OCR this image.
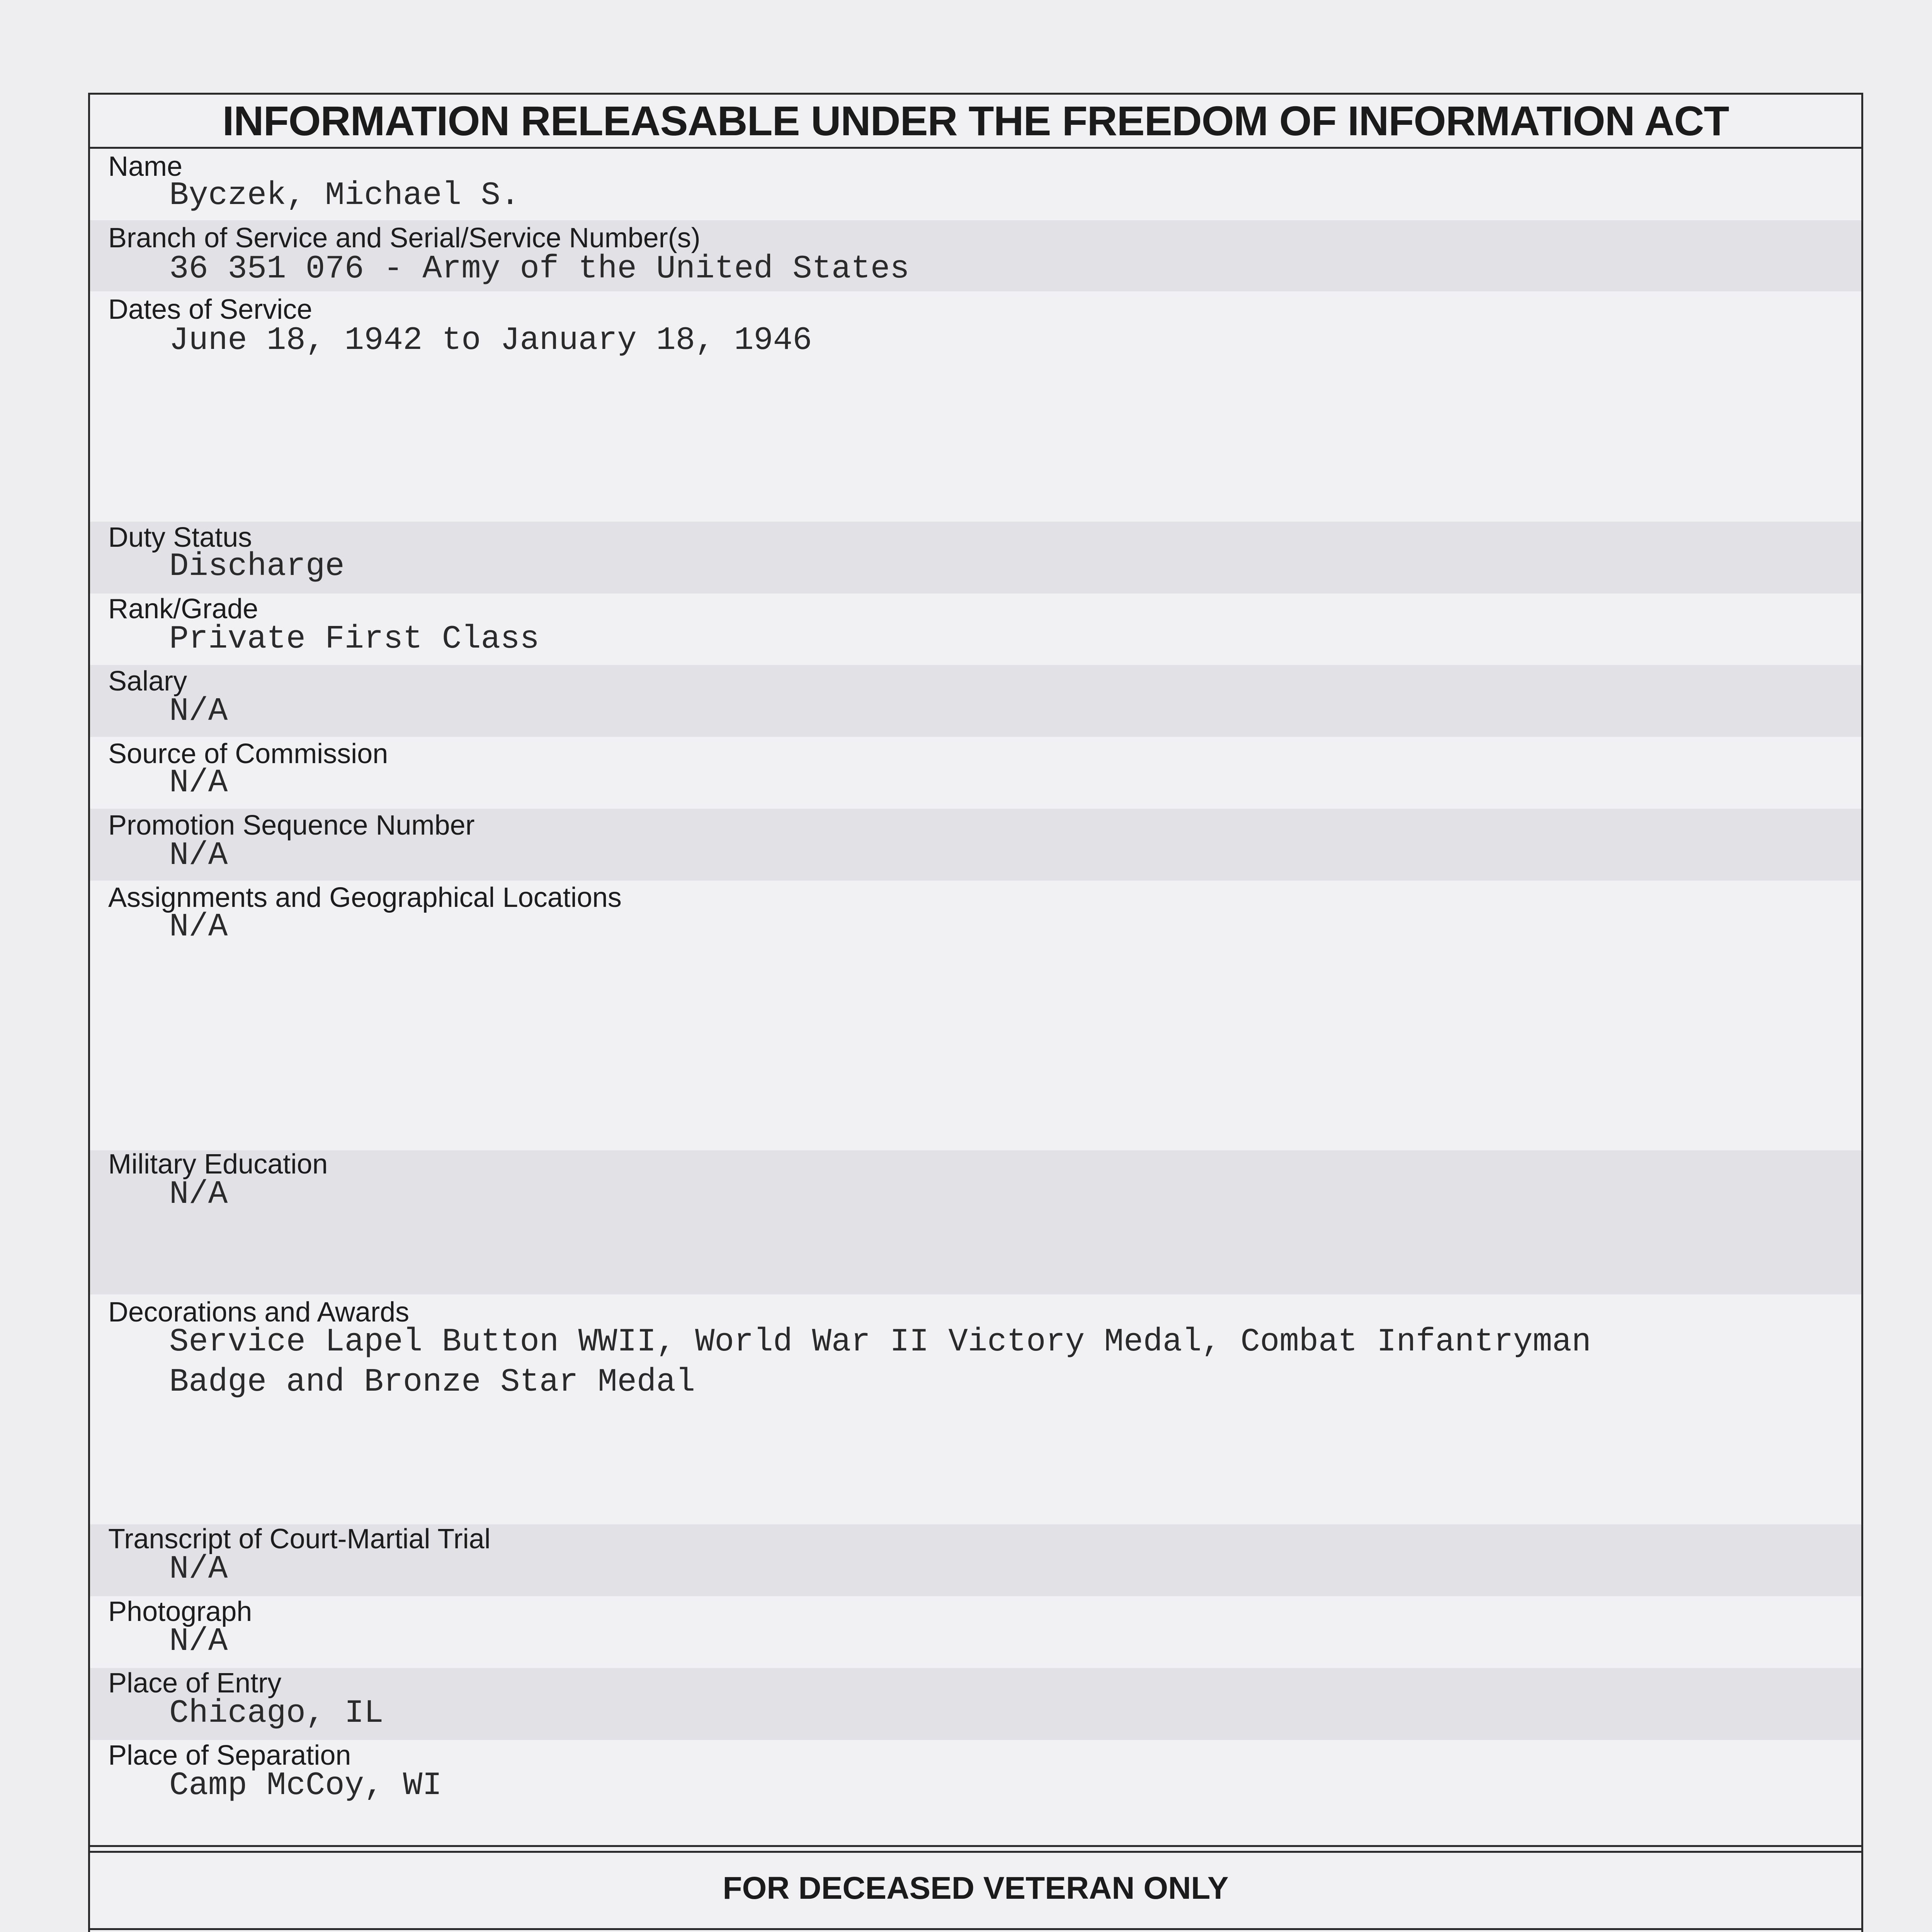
INFORMATION RELEASABLE UNDER THE FREEDOM OF INFORMATION ACT
Name
Byczek, Michael S.
Branch of Service and Serial/Service Number(s)
36 351 076 - Army of the United States
Dates of Service
June 18, 1942 to January 18, 1946
Duty Status
Discharge
Rank/Grade
Private First Class
Salary
N/A
Source of Commission
N/A
Promotion Sequence Number
N/A
Assignments and Geographical Locations
N/A
Military Education
N/A
Decorations and Awards
Service Lapel Button WWII, World War II Victory Medal, Combat Infantryman
Badge and Bronze Star Medal
Transcript of Court-Martial Trial
N/A
Photograph
N/A
Place of Entry
Chicago, IL
Place of Separation
Camp McCoy, WI
FOR DECEASED VETERAN ONLY
